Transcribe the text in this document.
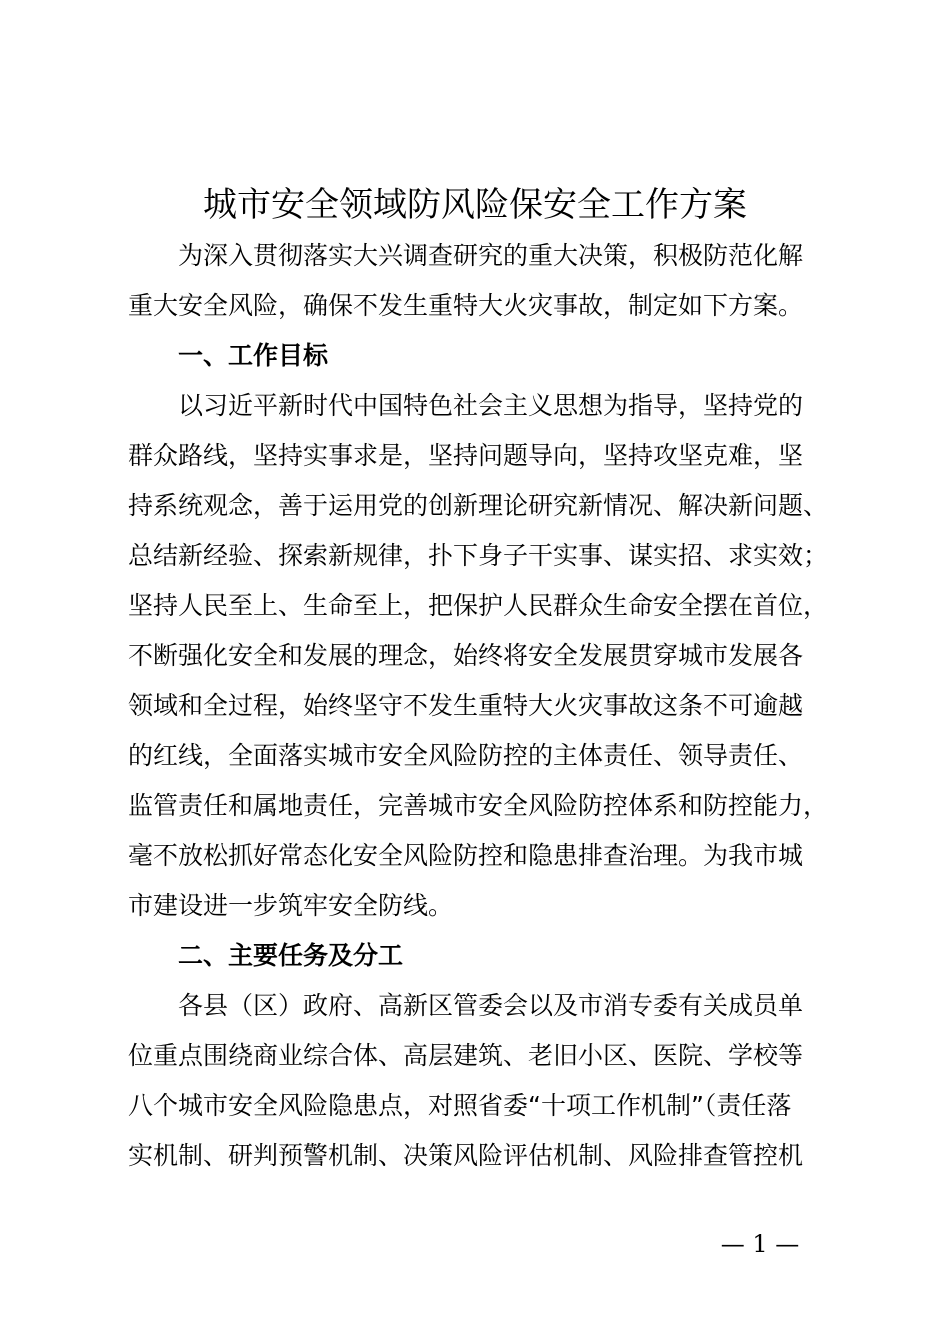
城市安全领域防风险保安全工作方案
　　为深入贯彻落实大兴调查研究的重大决策，积极防范化解
重大安全风险，确保不发生重特大火灾事故，制定如下方案。
　　一、工作目标
　　以习近平新时代中国特色社会主义思想为指导，坚持党的
群众路线，坚持实事求是，坚持问题导向，坚持攻坚克难，坚
持系统观念，善于运用党的创新理论研究新情况、解决新问题、
总结新经验、探索新规律，扑下身子干实事、谋实招、求实效；
坚持人民至上、生命至上，把保护人民群众生命安全摆在首位，
不断强化安全和发展的理念，始终将安全发展贯穿城市发展各
领域和全过程，始终坚守不发生重特大火灾事故这条不可逾越
的红线，全面落实城市安全风险防控的主体责任、领导责任、
监管责任和属地责任，完善城市安全风险防控体系和防控能力，
毫不放松抓好常态化安全风险防控和隐患排查治理。为我市城
市建设进一步筑牢安全防线。
　　二、主要任务及分工
　　各县（区）政府、高新区管委会以及市消专委有关成员单
位重点围绕商业综合体、高层建筑、老旧小区、医院、学校等
八个城市安全风险隐患点，对照省委“十项工作机制”（责任落
实机制、研判预警机制、决策风险评估机制、风险排查管控机
— 1 —
